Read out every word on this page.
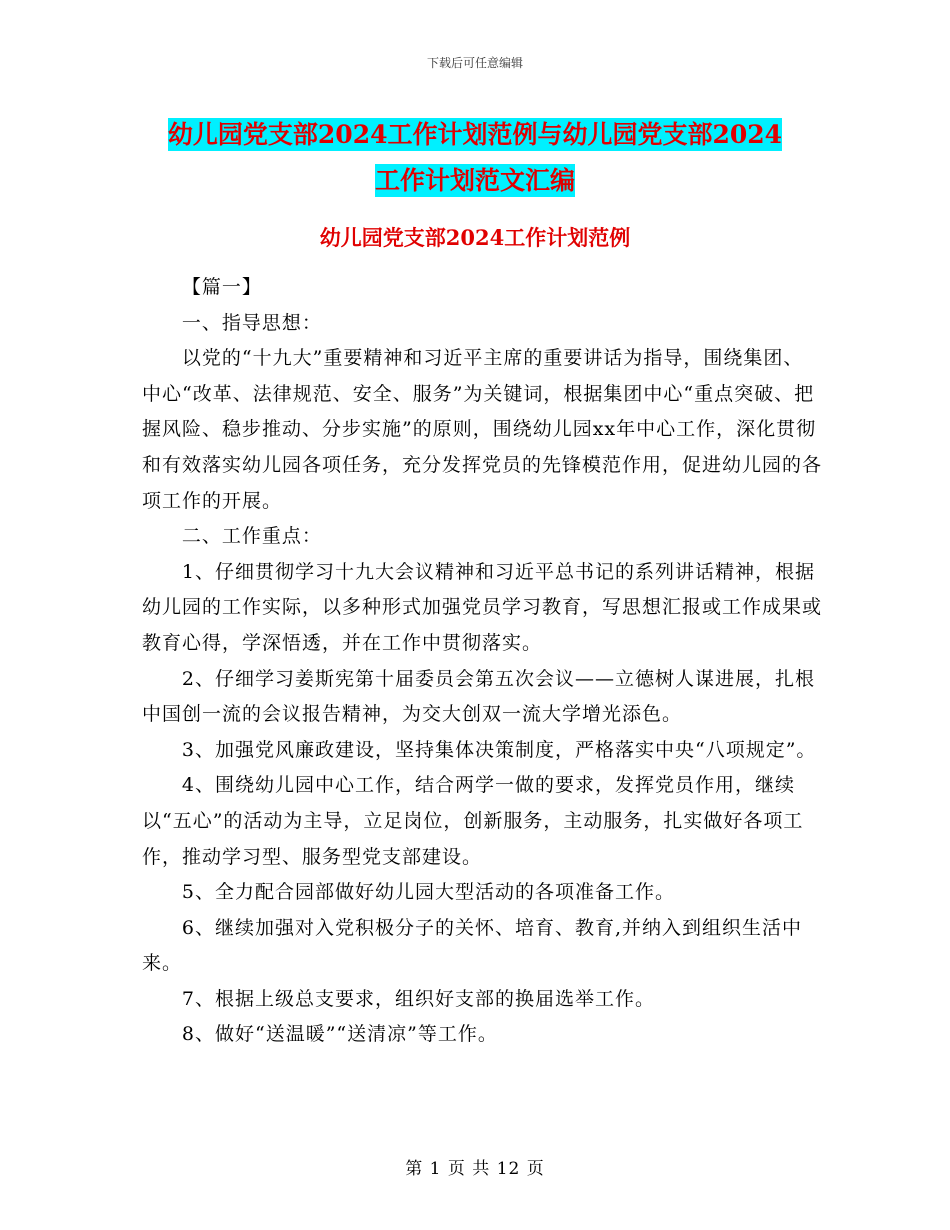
下载后可任意编辑
幼儿园党支部2024工作计划范例与幼儿园党支部2024
工作计划范文汇编
幼儿园党支部2024工作计划范例

【篇一】

一、指导思想：

以党的“十九大”重要精神和习近平主席的重要讲话为指导，围绕集团、中心“改革、法律规范、安全、服务”为关键词，根据集团中心“重点突破、把握风险、稳步推动、分步实施”的原则，围绕幼儿园xx年中心工作，深化贯彻和有效落实幼儿园各项任务，充分发挥党员的先锋模范作用，促进幼儿园的各项工作的开展。

二、工作重点：

1、仔细贯彻学习十九大会议精神和习近平总书记的系列讲话精神，根据幼儿园的工作实际，以多种形式加强党员学习教育，写思想汇报或工作成果或教育心得，学深悟透，并在工作中贯彻落实。

2、仔细学习姜斯宪第十届委员会第五次会议——立德树人谋进展，扎根中国创一流的会议报告精神，为交大创双一流大学增光添色。

3、加强党风廉政建设，坚持集体决策制度，严格落实中央“八项规定”。

4、围绕幼儿园中心工作，结合两学一做的要求，发挥党员作用，继续以“五心”的活动为主导，立足岗位，创新服务，主动服务，扎实做好各项工作，推动学习型、服务型党支部建设。

5、全力配合园部做好幼儿园大型活动的各项准备工作。

6、继续加强对入党积极分子的关怀、培育、教育,并纳入到组织生活中来。

7、根据上级总支要求，组织好支部的换届选举工作。

8、做好“送温暖”“送清凉”等工作。

第 1 页 共 12 页
